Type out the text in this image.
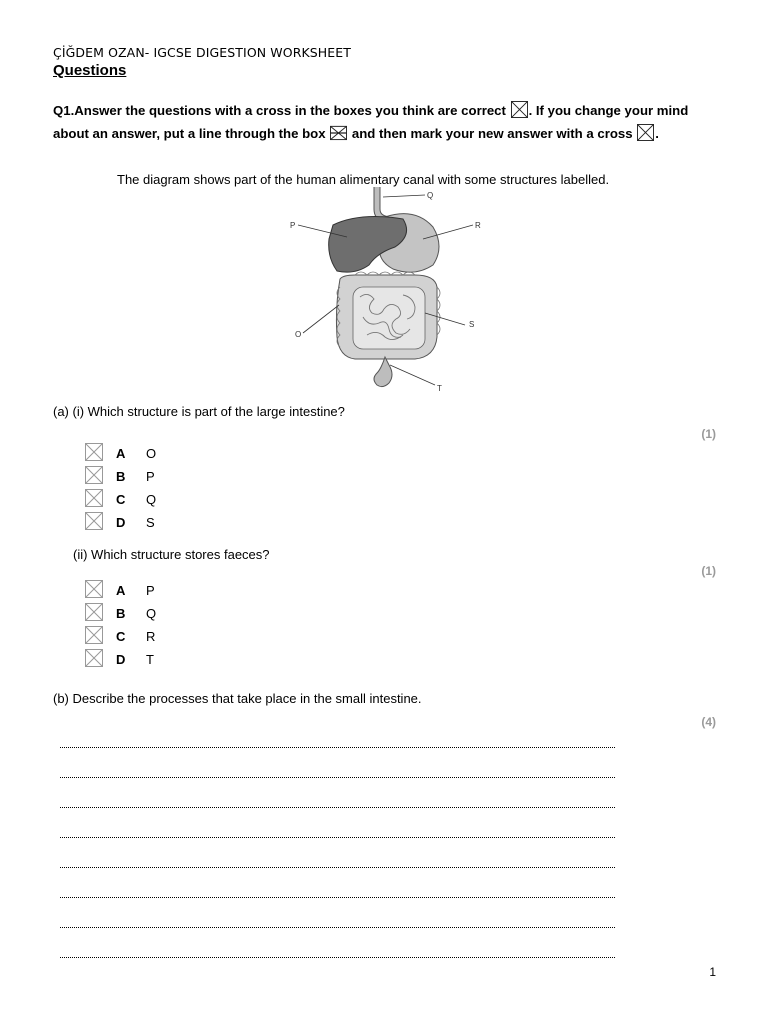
ÇİĞDEM OZAN- IGCSE DIGESTION WORKSHEET
Questions
Q1.Answer the questions with a cross in the boxes you think are correct ☒. If you change your mind about an answer, put a line through the box and then mark your new answer with a cross ☒.
The diagram shows part of the human alimentary canal with some structures labelled.
Q
P	R
S
O
T
(a) (i) Which structure is part of the large intestine?
(1)
A O
B P
C Q
D S
(ii) Which structure stores faeces?
(1)
A P
B Q
C R
D T
(b) Describe the processes that take place in the small intestine.
(4)
1
